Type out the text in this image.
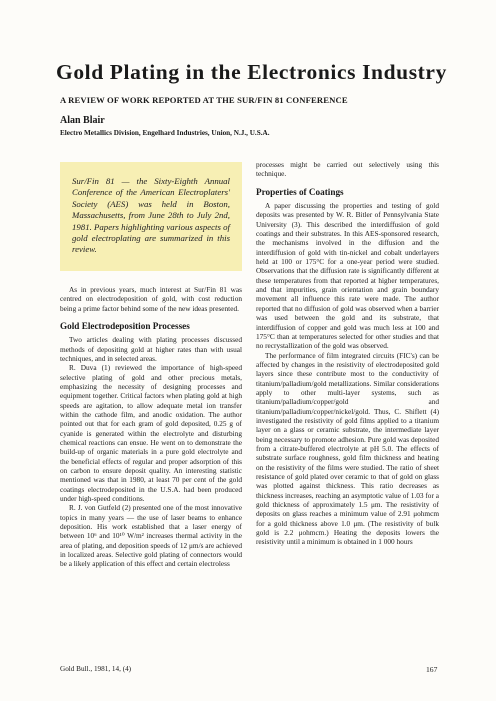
Gold Plating in the Electronics Industry
A REVIEW OF WORK REPORTED AT THE SUR/FIN 81 CONFERENCE
Alan Blair
Electro Metallics Division, Engelhard Industries, Union, N.J., U.S.A.

Sur/Fin 81 — the Sixty-Eighth Annual Conference of the American Electroplaters' Society (AES) was held in Boston, Massachusetts, from June 28th to July 2nd, 1981. Papers highlighting various aspects of gold electroplating are summarized in this review.

As in previous years, much interest at Sur/Fin 81 was centred on electrodeposition of gold, with cost reduction being a prime factor behind some of the new ideas presented.

Gold Electrodeposition Processes

Two articles dealing with plating processes discussed methods of depositing gold at higher rates than with usual techniques, and in selected areas.

R. Duva (1) reviewed the importance of high-speed selective plating of gold and other precious metals, emphasizing the necessity of designing processes and equipment together. Critical factors when plating gold at high speeds are agitation, to allow adequate metal ion transfer within the cathode film, and anodic oxidation. The author pointed out that for each gram of gold deposited, 0.25 g of cyanide is generated within the electrolyte and disturbing chemical reactions can ensue. He went on to demonstrate the build-up of organic materials in a pure gold electrolyte and the beneficial effects of regular and proper adsorption of this on carbon to ensure deposit quality. An interesting statistic mentioned was that in 1980, at least 70 per cent of the gold coatings electrodeposited in the U.S.A. had been produced under high-speed conditions.

R. J. von Gutfeld (2) presented one of the most innovative topics in many years — the use of laser beams to enhance deposition. His work established that a laser energy of between 10⁶ and 10¹⁰ W/m² increases thermal activity in the area of plating, and deposition speeds of 12 μm/s are achieved in localized areas. Selective gold plating of connectors would be a likely application of this effect and certain electroless

processes might be carried out selectively using this technique.

Properties of Coatings

A paper discussing the properties and testing of gold deposits was presented by W. R. Bitler of Pennsylvania State University (3). This described the interdiffusion of gold coatings and their substrates. In this AES-sponsored research, the mechanisms involved in the diffusion and the interdiffusion of gold with tin-nickel and cobalt underlayers held at 100 or 175°C for a one-year period were studied. Observations that the diffusion rate is significantly different at these temperatures from that reported at higher temperatures, and that impurities, grain orientation and grain boundary movement all influence this rate were made. The author reported that no diffusion of gold was observed when a barrier was used between the gold and its substrate, that interdiffusion of copper and gold was much less at 100 and 175°C than at temperatures selected for other studies and that no recrystallization of the gold was observed.

The performance of film integrated circuits (FIC's) can be affected by changes in the resistivity of electrodeposited gold layers since these contribute most to the conductivity of titanium/palladium/gold metallizations. Similar considerations apply to other multi-layer systems, such as titanium/palladium/copper/gold and titanium/palladium/copper/nickel/gold. Thus, C. Shiflett (4) investigated the resistivity of gold films applied to a titanium layer on a glass or ceramic substrate, the intermediate layer being necessary to promote adhesion. Pure gold was deposited from a citrate-buffered electrolyte at pH 5.0. The effects of substrate surface roughness, gold film thickness and heating on the resistivity of the films were studied. The ratio of sheet resistance of gold plated over ceramic to that of gold on glass was plotted against thickness. This ratio decreases as thickness increases, reaching an asymptotic value of 1.03 for a gold thickness of approximately 1.5 μm. The resistivity of deposits on glass reaches a minimum value of 2.91 μohmcm for a gold thickness above 1.0 μm. (The resistivity of bulk gold is 2.2 μohmcm.) Heating the deposits lowers the resistivity until a minimum is obtained in 1 000 hours

Gold Bull., 1981, 14, (4)	167
